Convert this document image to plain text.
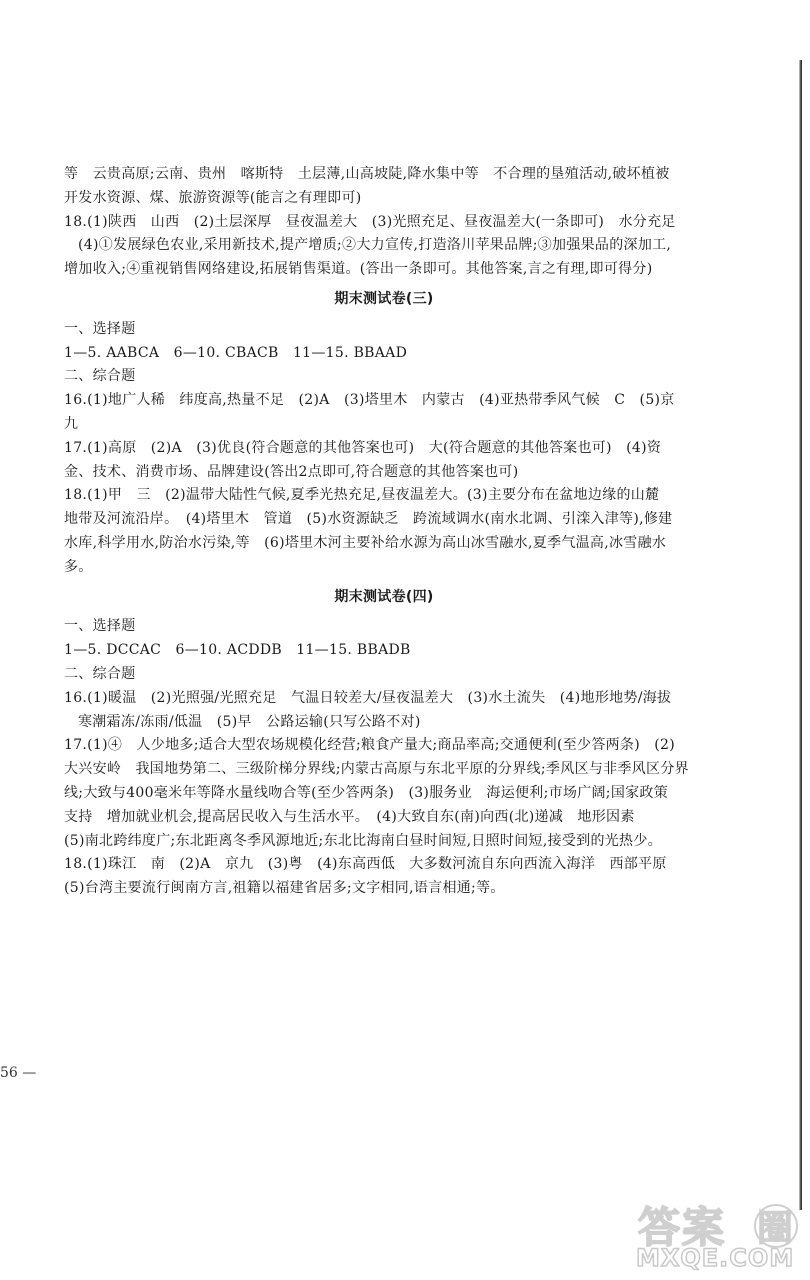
等　云贵高原;云南、贵州　喀斯特　土层薄,山高坡陡,降水集中等　不合理的垦殖活动,破坏植被
开发水资源、煤、旅游资源等(能言之有理即可)
18.(1)陕西　山西　(2)土层深厚　昼夜温差大　(3)光照充足、昼夜温差大(一条即可)　水分充足
(4)①发展绿色农业,采用新技术,提产增质;②大力宣传,打造洛川苹果品牌;③加强果品的深加工,
增加收入;④重视销售网络建设,拓展销售渠道。(答出一条即可。其他答案,言之有理,即可得分)
期末测试卷(三)
一、选择题
1—5. AABCA　6—10. CBACB　11—15. BBAAD
二、综合题
16.(1)地广人稀　纬度高,热量不足　(2)A　(3)塔里木　内蒙古　(4)亚热带季风气候　C　(5)京
九
17.(1)高原　(2)A　(3)优良(符合题意的其他答案也可)　大(符合题意的其他答案也可)　(4)资
金、技术、消费市场、品牌建设(答出2点即可,符合题意的其他答案也可)
18.(1)甲　三　(2)温带大陆性气候,夏季光热充足,昼夜温差大。(3)主要分布在盆地边缘的山麓
地带及河流沿岸。　(4)塔里木　管道　(5)水资源缺乏　跨流域调水(南水北调、引滦入津等),修建
水库,科学用水,防治水污染,等　(6)塔里木河主要补给水源为高山冰雪融水,夏季气温高,冰雪融水
多。
期末测试卷(四)
一、选择题
1—5. DCCAC　6—10. ACDDB　11—15. BBADB
二、综合题
16.(1)暖温　(2)光照强/光照充足　气温日较差大/昼夜温差大　(3)水土流失　(4)地形地势/海拔
寒潮霜冻/冻雨/低温　(5)早　公路运输(只写公路不对)
17.(1)④　人少地多;适合大型农场规模化经营;粮食产量大;商品率高;交通便利(至少答两条)　(2)
大兴安岭　我国地势第二、三级阶梯分界线;内蒙古高原与东北平原的分界线;季风区与非季风区分界
线;大致与400毫米年等降水量线吻合等(至少答两条)　(3)服务业　海运便利;市场广阔;国家政策
支持　增加就业机会,提高居民收入与生活水平。　(4)大致自东(南)向西(北)递减　地形因素
(5)南北跨纬度广;东北距离冬季风源地近;东北比海南白昼时间短,日照时间短,接受到的光热少。
18.(1)珠江　南　(2)A　京九　(3)粤　(4)东高西低　大多数河流自东向西流入海洋　西部平原
(5)台湾主要流行闽南方言,祖籍以福建省居多;文字相同,语言相通;等。
56 —
答案 圈
MXQE.COM
